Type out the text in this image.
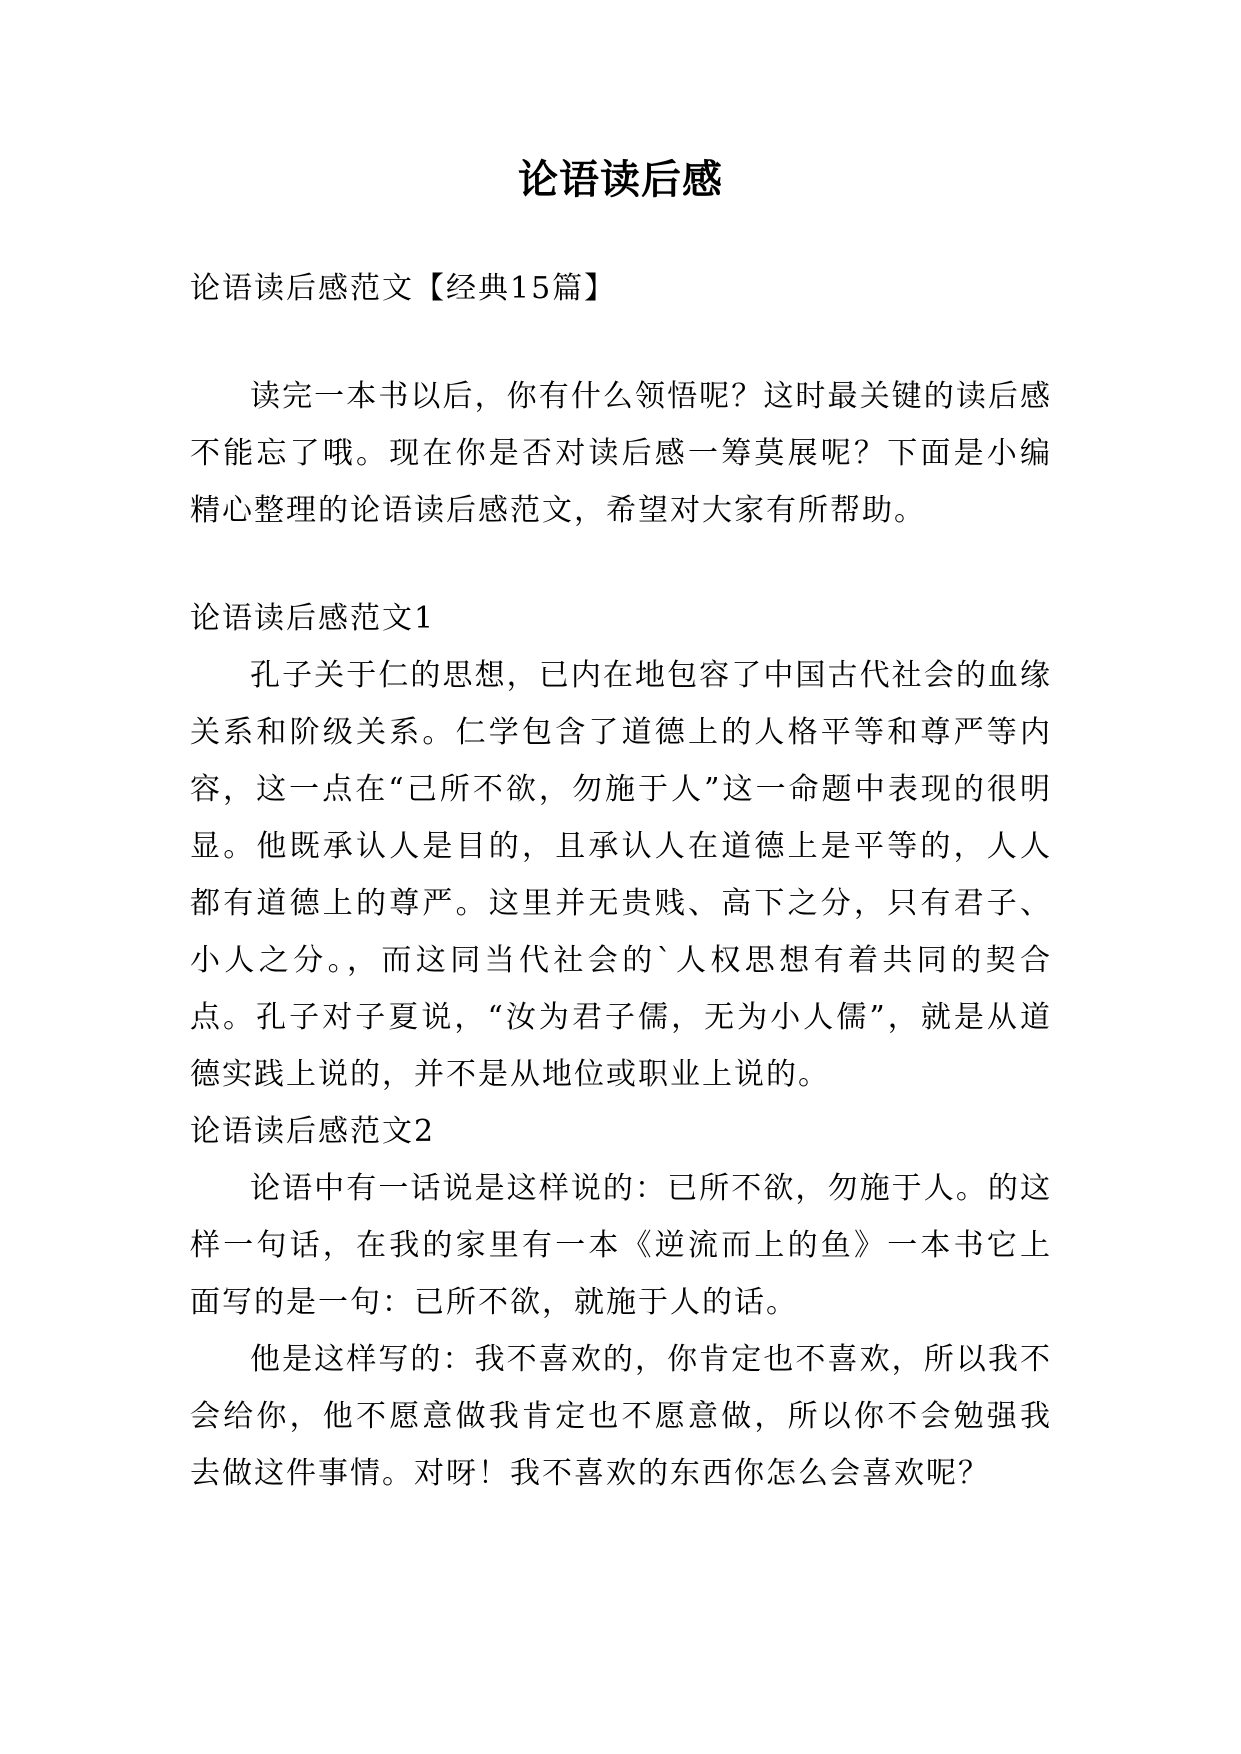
论语读后感

论语读后感范文【经典15篇】

读完一本书以后，你有什么领悟呢？这时最关键的读后感不能忘了哦。现在你是否对读后感一筹莫展呢？下面是小编精心整理的论语读后感范文，希望对大家有所帮助。

论语读后感范文1

孔子关于仁的思想，已内在地包容了中国古代社会的血缘关系和阶级关系。仁学包含了道德上的人格平等和尊严等内容，这一点在“己所不欲，勿施于人”这一命题中表现的很明显。他既承认人是目的，且承认人在道德上是平等的，人人都有道德上的尊严。这里并无贵贱、高下之分，只有君子、小人之分。，而这同当代社会的`人权思想有着共同的契合点。孔子对子夏说，“汝为君子儒，无为小人儒”，就是从道德实践上说的，并不是从地位或职业上说的。

论语读后感范文2

论语中有一话说是这样说的：已所不欲，勿施于人。的这样一句话，在我的家里有一本《逆流而上的鱼》一本书它上面写的是一句：已所不欲，就施于人的话。

他是这样写的：我不喜欢的，你肯定也不喜欢，所以我不会给你，他不愿意做我肯定也不愿意做，所以你不会勉强我去做这件事情。对呀！我不喜欢的东西你怎么会喜欢呢？
